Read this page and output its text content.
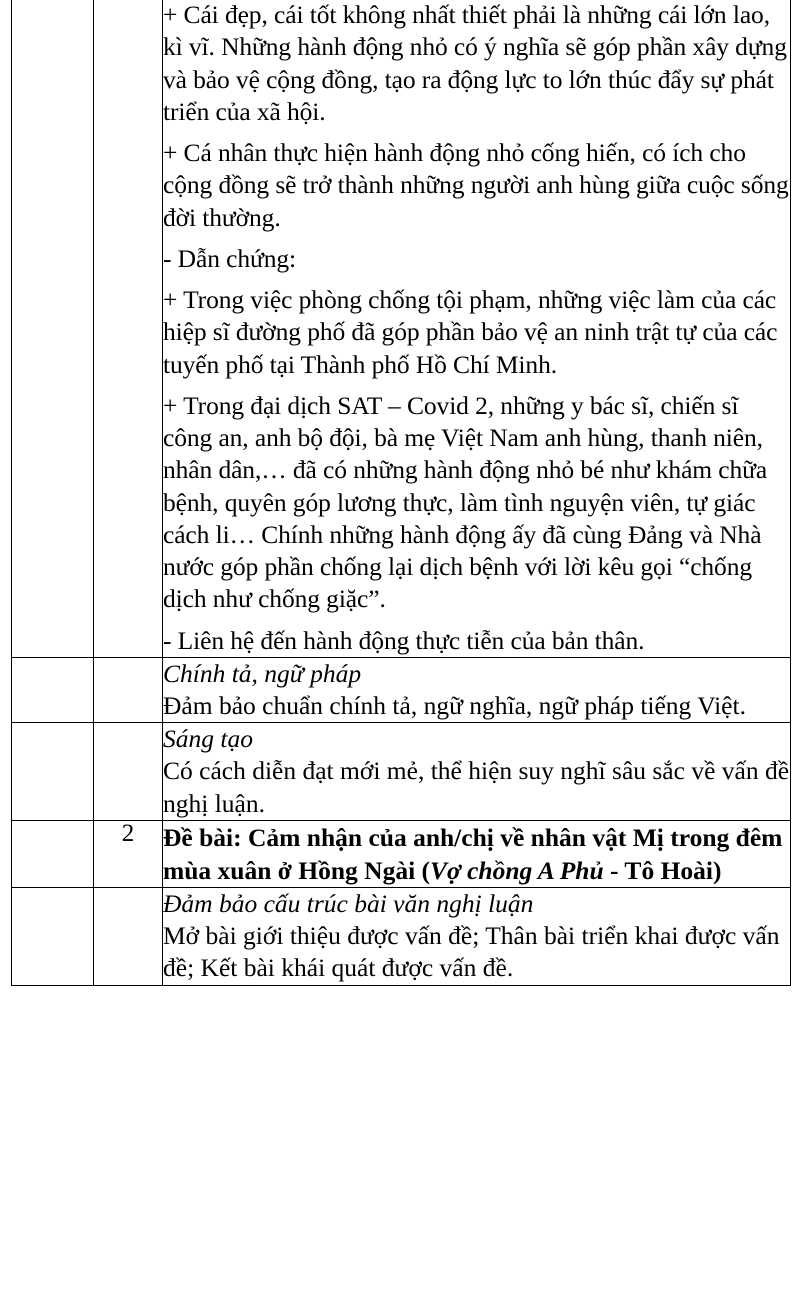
+ Cái đẹp, cái tốt không nhất thiết phải là những cái lớn lao, kì vĩ. Những hành động nhỏ có ý nghĩa sẽ góp phần xây dựng và bảo vệ cộng đồng, tạo ra động lực to lớn thúc đẩy sự phát triển của xã hội.

+ Cá nhân thực hiện hành động nhỏ cống hiến, có ích cho cộng đồng sẽ trở thành những người anh hùng giữa cuộc sống đời thường.

- Dẫn chứng:

+ Trong việc phòng chống tội phạm, những việc làm của các hiệp sĩ đường phố đã góp phần bảo vệ an ninh trật tự của các tuyến phố tại Thành phố Hồ Chí Minh.

+ Trong đại dịch SAT – Covid 2, những y bác sĩ, chiến sĩ công an, anh bộ đội, bà mẹ Việt Nam anh hùng, thanh niên, nhân dân,… đã có những hành động nhỏ bé như khám chữa bệnh, quyên góp lương thực, làm tình nguyện viên, tự giác cách li… Chính những hành động ấy đã cùng Đảng và Nhà nước góp phần chống lại dịch bệnh với lời kêu gọi “chống dịch như chống giặc”.

- Liên hệ đến hành động thực tiễn của bản thân.

		Chính tả, ngữ pháp

Đảm bảo chuẩn chính tả, ngữ nghĩa, ngữ pháp tiếng Việt.

		Sáng tạo

Có cách diễn đạt mới mẻ, thể hiện suy nghĩ sâu sắc về vấn đề nghị luận.

	2	Đề bài: Cảm nhận của anh/chị về nhân vật Mị trong đêm mùa xuân ở Hồng Ngài (Vợ chồng A Phủ - Tô Hoài)

		Đảm bảo cấu trúc bài văn nghị luận

Mở bài giới thiệu được vấn đề; Thân bài triển khai được vấn đề; Kết bài khái quát được vấn đề.
